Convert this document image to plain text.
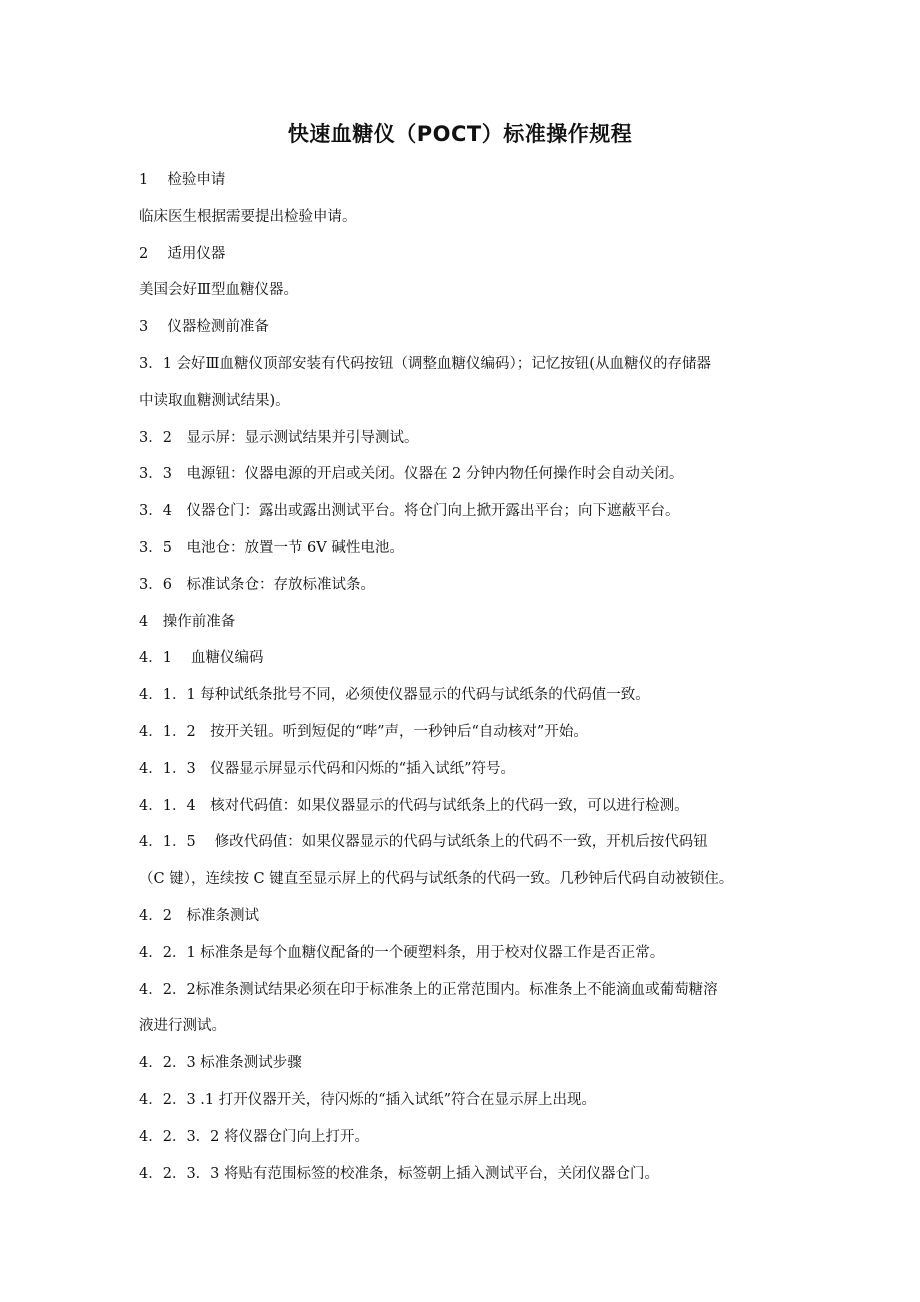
快速血糖仪（POCT）标准操作规程
1　 检验申请
临床医生根据需要提出检验申请。
2　 适用仪器
美国会好Ⅲ型血糖仪器。
3　 仪器检测前准备
3．1 会好Ⅲ血糖仪顶部安装有代码按钮（调整血糖仪编码）；记忆按钮(从血糖仪的存储器
中读取血糖测试结果)。
3．2　显示屏：显示测试结果并引导测试。
3．3　电源钮：仪器电源的开启或关闭。仪器在 2 分钟内物任何操作时会自动关闭。
3．4　仪器仓门：露出或露出测试平台。将仓门向上掀开露出平台；向下遮蔽平台。
3．5　电池仓：放置一节 6V 碱性电池。
3．6　标准试条仓：存放标准试条。
4　操作前准备
4．1　 血糖仪编码
4．1．1 每种试纸条批号不同，必须使仪器显示的代码与试纸条的代码值一致。
4．1．2　按开关钮。听到短促的“哔”声，一秒钟后“自动核对”开始。
4．1．3　仪器显示屏显示代码和闪烁的“插入试纸”符号。
4．1．4　核对代码值：如果仪器显示的代码与试纸条上的代码一致，可以进行检测。
4．1．5　 修改代码值：如果仪器显示的代码与试纸条上的代码不一致，开机后按代码钮
（C 键），连续按 C 键直至显示屏上的代码与试纸条的代码一致。几秒钟后代码自动被锁住。
4．2　标准条测试
4．2．1 标准条是每个血糖仪配备的一个硬塑料条，用于校对仪器工作是否正常。
4．2．2标准条测试结果必须在印于标准条上的正常范围内。标准条上不能滴血或葡萄糖溶
液进行测试。
4．2．3 标准条测试步骤
4．2．3 .1 打开仪器开关，待闪烁的“插入试纸”符合在显示屏上出现。
4．2．3．2 将仪器仓门向上打开。
4．2．3．3 将贴有范围标签的校准条，标签朝上插入测试平台，关闭仪器仓门。
